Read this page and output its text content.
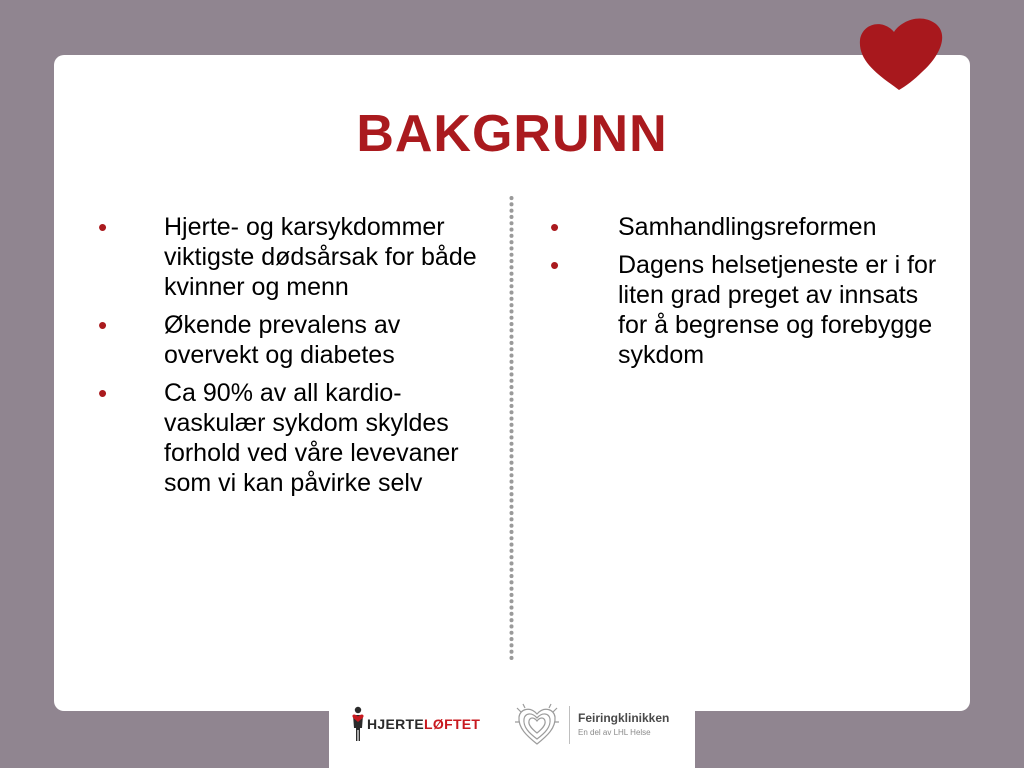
BAKGRUNN
• Hjerte- og karsykdommer viktigste dødsårsak for både kvinner og menn
• Økende prevalens av overvekt og diabetes
• Ca 90% av all kardio-vaskulær sykdom skyldes forhold ved våre levevaner som vi kan påvirke selv
• Samhandlingsreformen
• Dagens helsetjeneste er i for liten grad preget av innsats for å begrense og forebygge sykdom
HJERTELØFTET	Feiringklinikken
En del av LHL Helse
